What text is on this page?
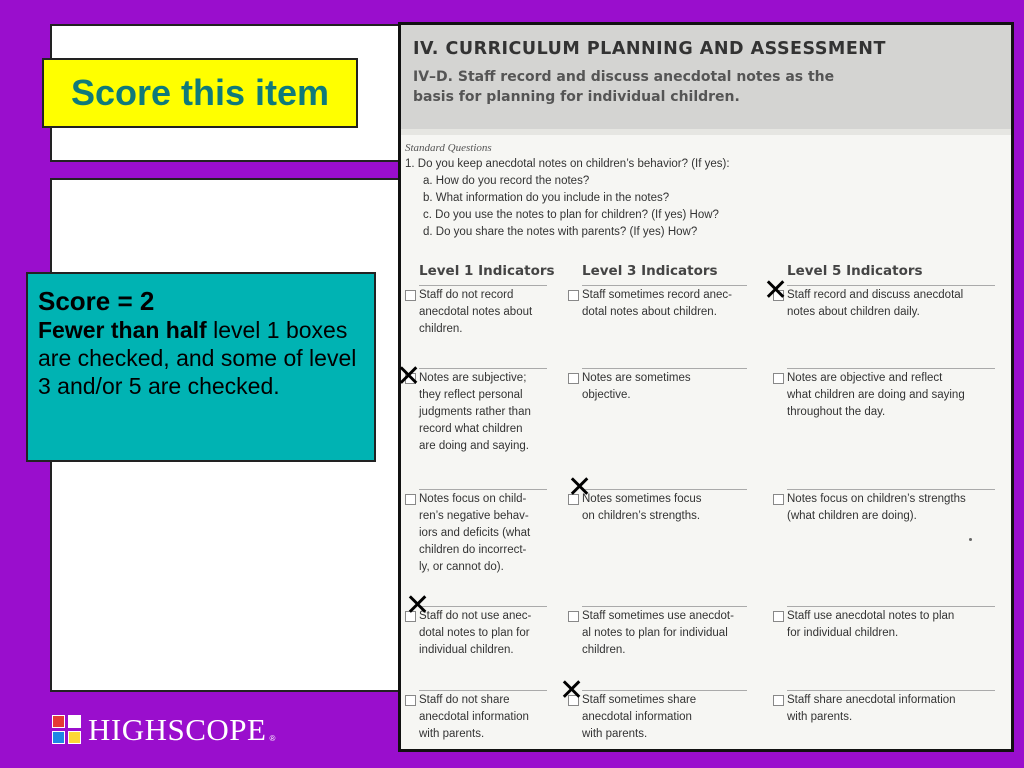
Score this item
Score = 2
Fewer than half level 1 boxes are checked, and some of level 3 and/or 5 are checked.
IV. CURRICULUM PLANNING AND ASSESSMENT
IV–D. Staff record and discuss anecdotal notes as the
basis for planning for individual children.
Standard Questions
1. Do you keep anecdotal notes on children’s behavior? (If yes):
a. How do you record the notes?
b. What information do you include in the notes?
c. Do you use the notes to plan for children? (If yes) How?
d. Do you share the notes with parents? (If yes) How?
Level 1 Indicators Level 3 Indicators	Level 5 Indicators
Staff do not record
anecdotal notes about
children.
Staff sometimes record anec-
dotal notes about children.
Staff record and discuss anecdotal
notes about children daily.
Notes are subjective;
they reflect personal
judgments rather than
record what children
are doing and saying.
Notes are sometimes
objective.
Notes are objective and reflect
what children are doing and saying
throughout the day.
Notes focus on child-
ren’s negative behav-
iors and deficits (what
children do incorrect-
ly, or cannot do).
Notes sometimes focus
on children’s strengths.
Notes focus on children’s strengths
(what children are doing).
Staff do not use anec-
dotal notes to plan for
individual children.
Staff sometimes use anecdot-
al notes to plan for individual
children.
Staff use anecdotal notes to plan
for individual children.
Staff do not share
anecdotal information
with parents.
Staff sometimes share
anecdotal information
with parents.
Staff share anecdotal information
with parents.
✕
✕
✕
✕
✕
HIGHSCOPE ®
